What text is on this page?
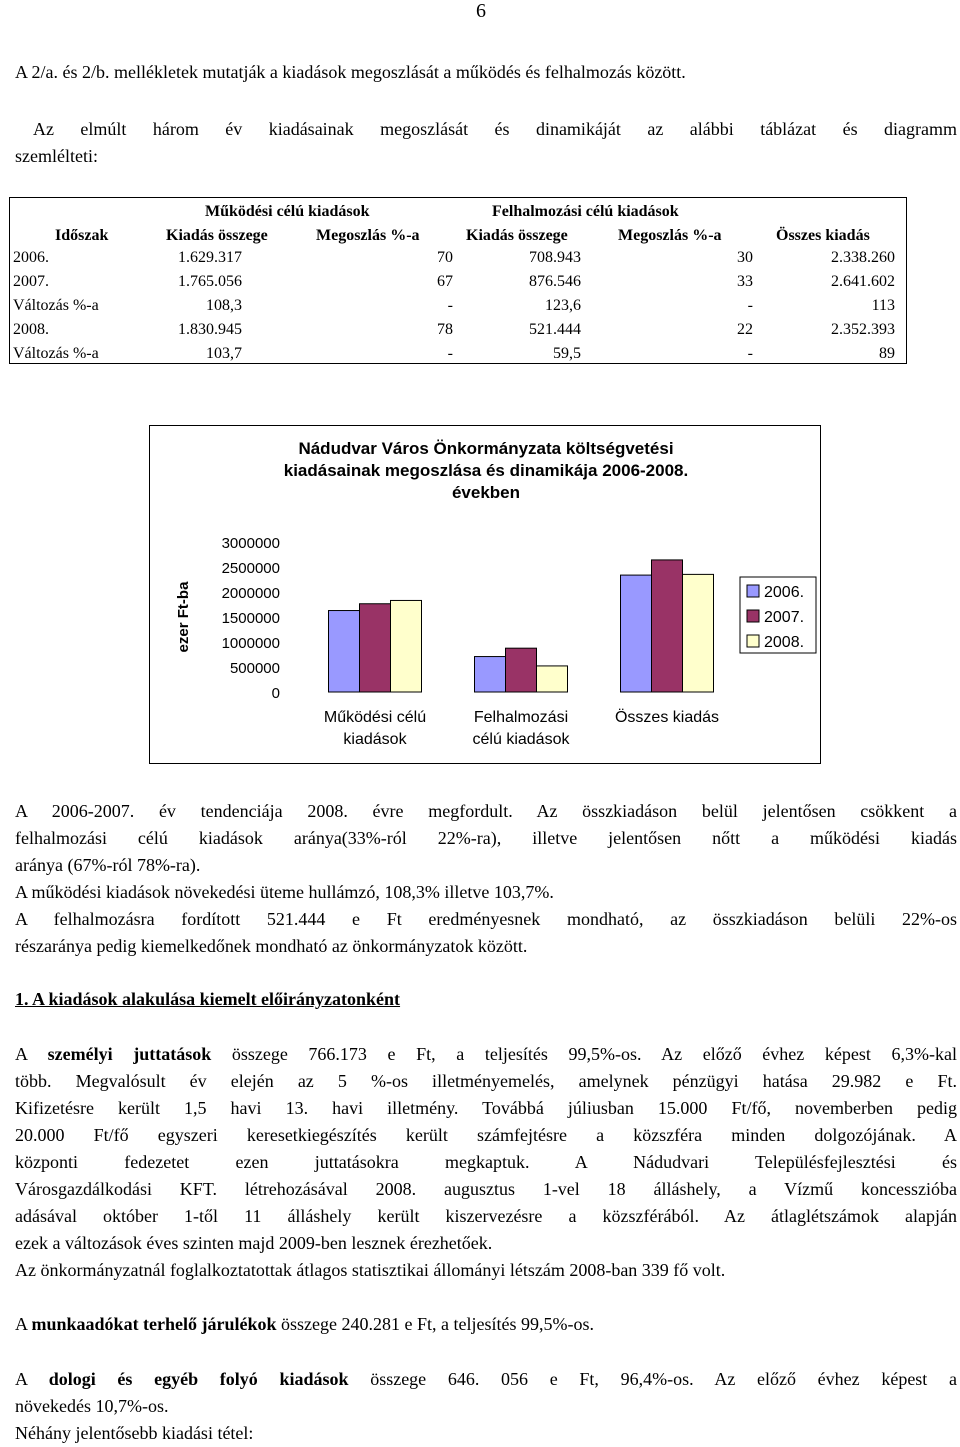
6
A 2/a. és 2/b. mellékletek mutatják a kiadások megoszlását a működés és felhalmozás között.

Az elmúlt három év kiadásainak megoszlását és dinamikáját az alábbi táblázat és diagramm

szemlélteti:

Működési célú kiadások	Felhalmozási célú kiadások
Időszak	Kiadás összege	Megoszlás %-a	Kiadás összege	Megoszlás %-a	Összes kiadás
2006.	1.629.317	70	708.943	30	2.338.260
2007.	1.765.056	67	876.546	33	2.641.602
Változás %-a	108,3	-	123,6	-	113
2008.	1.830.945	78	521.444	22	2.352.393
Változás %-a	103,7	-	59,5	-	89
Nádudvar Város Önkormányzata költségvetési
kiadásainak megoszlása és dinamikája 2006-2008.
években
3000000
2500000
2000000
1500000
1000000
500000
0
ezer Ft-ba
Működési célú
kiadások
Felhalmozási
célú kiadások
Összes kiadás
2006.
2007.
2008.

A 2006-2007. év tendenciája 2008. évre megfordult. Az összkiadáson belül jelentősen csökkent a

felhalmozási célú kiadások aránya(33%-ról 22%-ra), illetve jelentősen nőtt a működési kiadás

aránya (67%-ról 78%-ra).

A működési kiadások növekedési üteme hullámzó, 108,3% illetve 103,7%.

A felhalmozásra fordított 521.444 e Ft eredményesnek mondható, az összkiadáson belüli 22%-os

részaránya pedig kiemelkedőnek mondható az önkormányzatok között.

1. A kiadások alakulása kiemelt előirányzatonként

A személyi juttatások összege 766.173 e Ft, a teljesítés 99,5%-os. Az előző évhez képest 6,3%-kal

több. Megvalósult év elején az 5 %-os illetményemelés, amelynek pénzügyi hatása 29.982 e Ft.

Kifizetésre került 1,5 havi 13. havi illetmény. Továbbá júliusban 15.000 Ft/fő, novemberben pedig

20.000 Ft/fő egyszeri keresetkiegészítés került számfejtésre a közszféra minden dolgozójának. A

központi fedezetet ezen juttatásokra megkaptuk. A Nádudvari Településfejlesztési és

Városgazdálkodási KFT. létrehozásával 2008. augusztus 1-vel 18 álláshely, a Vízmű koncesszióba

adásával október 1-től 11 álláshely került kiszervezésre a közszférából. Az átlaglétszámok alapján

ezek a változások éves szinten majd 2009-ben lesznek érezhetőek.

Az önkormányzatnál foglalkoztatottak átlagos statisztikai állományi létszám 2008-ban 339 fő volt.

A munkaadókat terhelő járulékok összege 240.281 e Ft, a teljesítés 99,5%-os.

A dologi és egyéb folyó kiadások összege 646. 056 e Ft, 96,4%-os. Az előző évhez képest a

növekedés 10,7%-os.

Néhány jelentősebb kiadási tétel:
